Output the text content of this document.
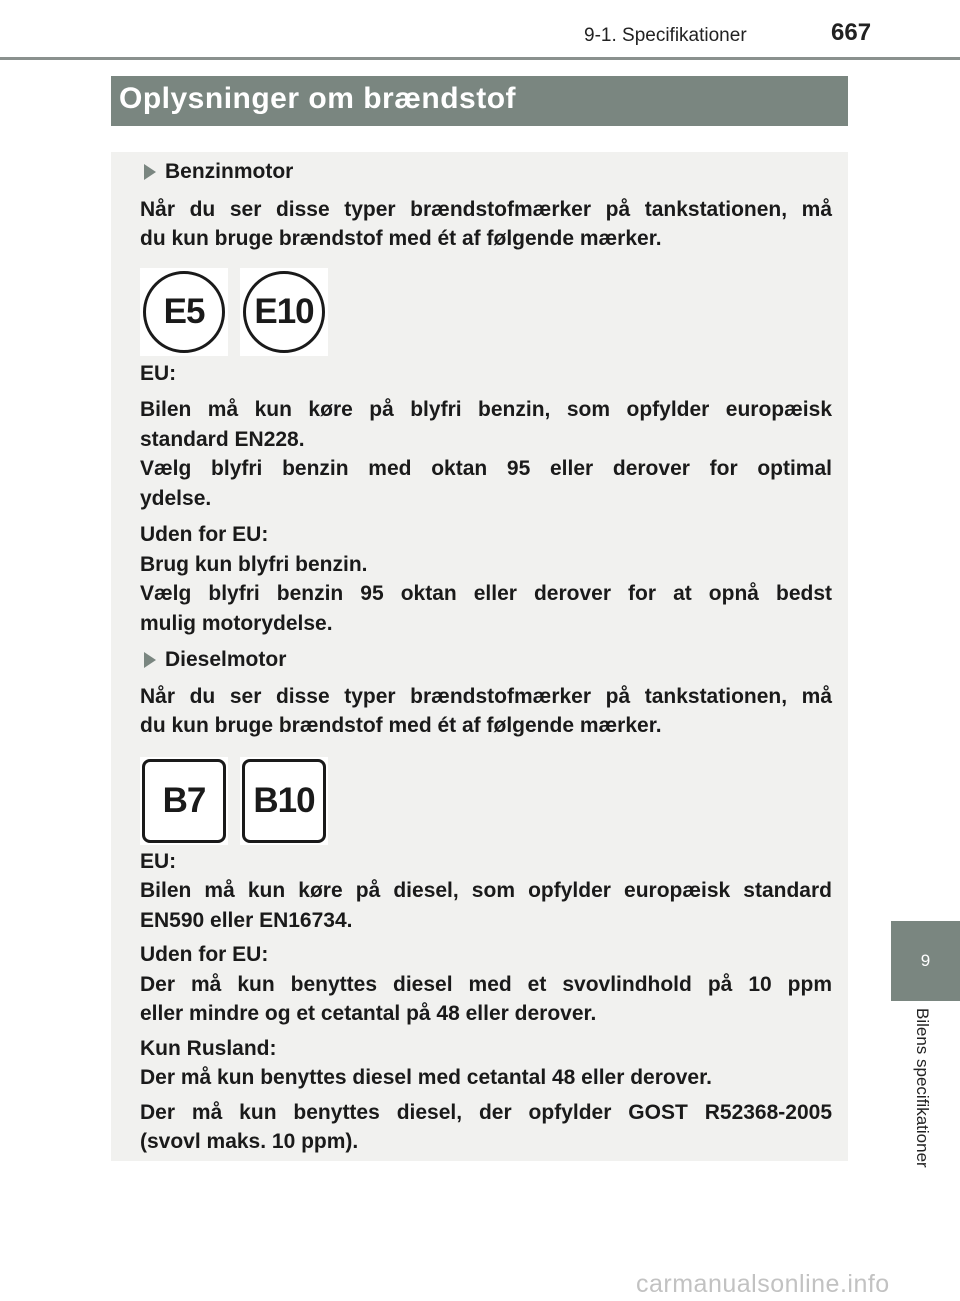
9-1. Specifikationer	667
Oplysninger om brændstof
Benzinmotor

Når du ser disse typer brændstofmærker på tankstationen, må
du kun bruge brændstof med ét af følgende mærker.

E5	E10

EU:

Bilen må kun køre på blyfri benzin, som opfylder europæisk
standard EN228.
Vælg blyfri benzin med oktan 95 eller derover for optimal
ydelse.

Uden for EU:
Brug kun blyfri benzin.
Vælg blyfri benzin 95 oktan eller derover for at opnå bedst
mulig motorydelse.

Dieselmotor

Når du ser disse typer brændstofmærker på tankstationen, må
du kun bruge brændstof med ét af følgende mærker.

B7	B10

EU:
Bilen må kun køre på diesel, som opfylder europæisk standard
EN590 eller EN16734.

Uden for EU:
Der må kun benyttes diesel med et svovlindhold på 10 ppm
eller mindre og et cetantal på 48 eller derover.

Kun Rusland:
Der må kun benyttes diesel med cetantal 48 eller derover.

Der må kun benyttes diesel, der opfylder GOST R52368-2005
(svovl maks. 10 ppm).

9
Bilens specifikationer
carmanualsonline.info
